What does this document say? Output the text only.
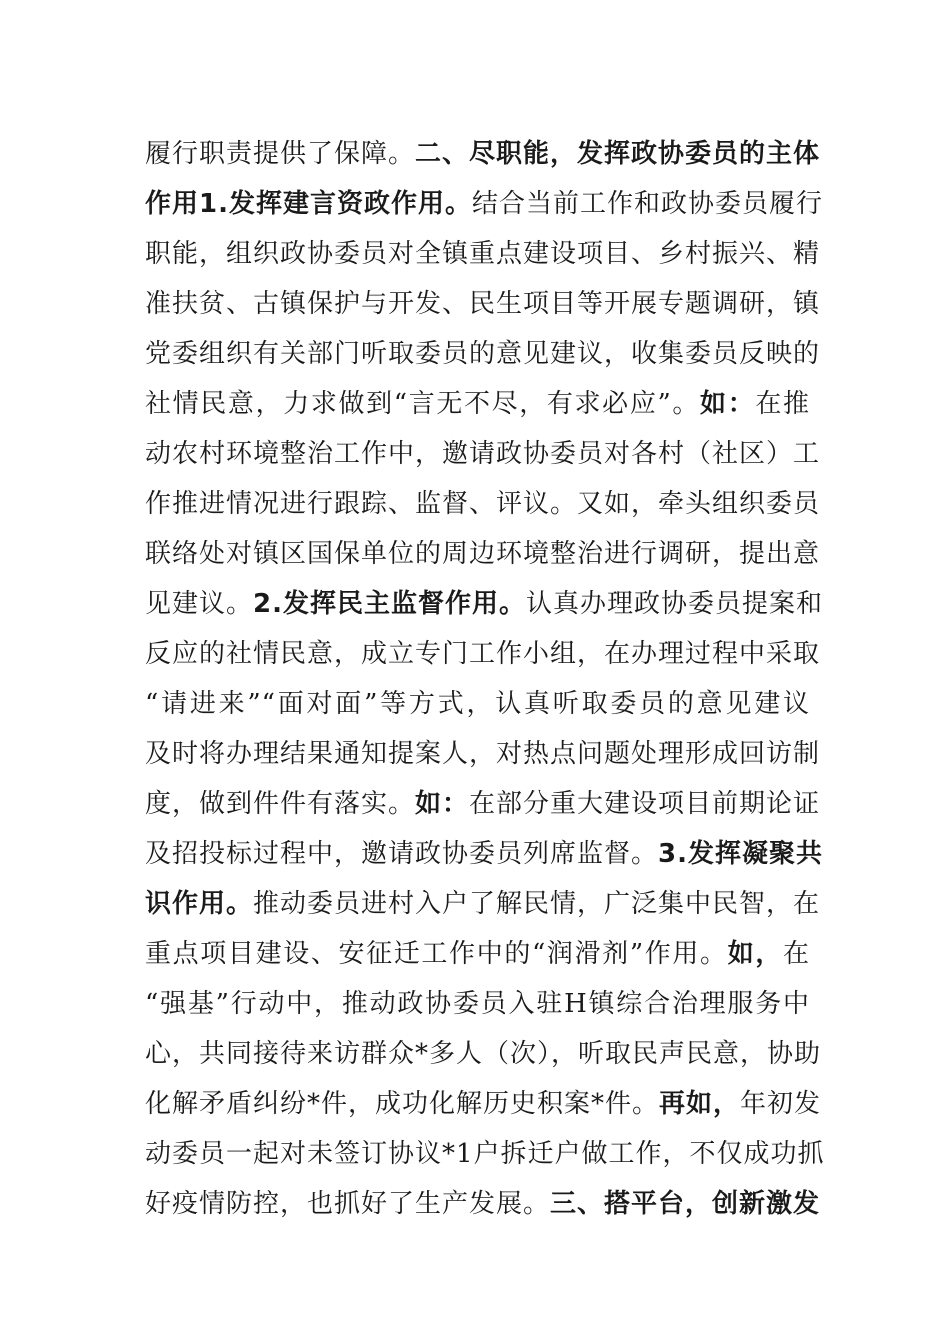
履行职责提供了保障。二、尽职能，发挥政协委员的主体
作用1.发挥建言资政作用。结合当前工作和政协委员履行
职能，组织政协委员对全镇重点建设项目、乡村振兴、精
准扶贫、古镇保护与开发、民生项目等开展专题调研，镇
党委组织有关部门听取委员的意见建议，收集委员反映的
社情民意，力求做到“言无不尽，有求必应”。如：在推
动农村环境整治工作中，邀请政协委员对各村（社区）工
作推进情况进行跟踪、监督、评议。又如，牵头组织委员
联络处对镇区国保单位的周边环境整治进行调研，提出意
见建议。2.发挥民主监督作用。认真办理政协委员提案和
反应的社情民意，成立专门工作小组，在办理过程中采取
“请进来”“面对面”等方式，认真听取委员的意见建议
及时将办理结果通知提案人，对热点问题处理形成回访制
度，做到件件有落实。如：在部分重大建设项目前期论证
及招投标过程中，邀请政协委员列席监督。3.发挥凝聚共
识作用。推动委员进村入户了解民情，广泛集中民智，在
重点项目建设、安征迁工作中的“润滑剂”作用。如，在
“强基”行动中，推动政协委员入驻H镇综合治理服务中
心，共同接待来访群众*多人（次），听取民声民意，协助
化解矛盾纠纷*件，成功化解历史积案*件。再如，年初发
动委员一起对未签订协议*1户拆迁户做工作，不仅成功抓
好疫情防控，也抓好了生产发展。三、搭平台，创新激发
